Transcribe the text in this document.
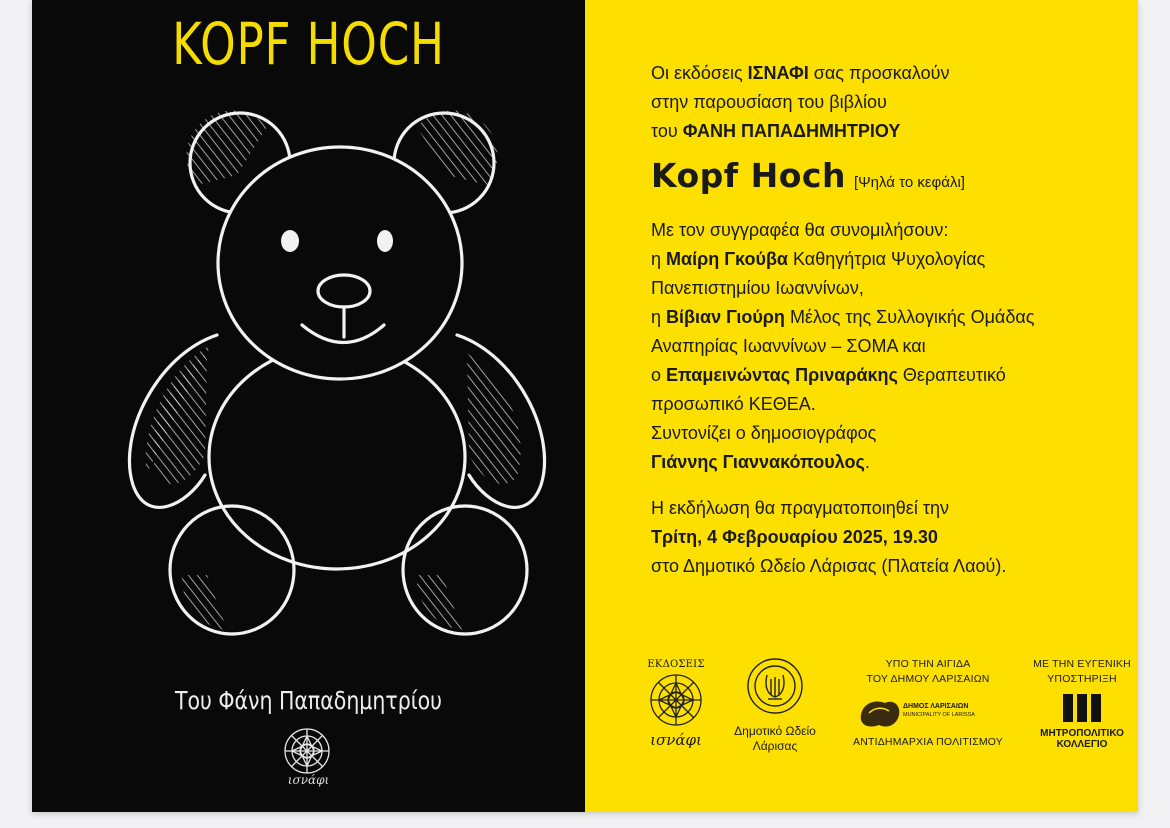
KOPF HOCH
Του Φάνη Παπαδημητρίου
ισνάφι
Οι εκδόσεις ΙΣΝΑΦΙ σας προσκαλούν
στην παρουσίαση του βιβλίου
του ΦΑΝΗ ΠΑΠΑΔΗΜΗΤΡΙΟΥ
Kopf Hoch [Ψηλά το κεφάλι]
Με τον συγγραφέα θα συνομιλήσουν:
η Μαίρη Γκούβα Καθηγήτρια Ψυχολογίας
Πανεπιστημίου Ιωαννίνων,
η Βίβιαν Γιούρη Μέλος της Συλλογικής Ομάδας
Αναπηρίας Ιωαννίνων – ΣΟΜΑ και
ο Επαμεινώντας Πριναράκης Θεραπευτικό
προσωπικό ΚΕΘΕΑ.
Συντονίζει ο δημοσιογράφος
Γιάννης Γιαννακόπουλος.
Η εκδήλωση θα πραγματοποιηθεί την
Τρίτη, 4 Φεβρουαρίου 2025, 19.30
στο Δημοτικό Ωδείο Λάρισας (Πλατεία Λαού).
ΕΚΔΟΣΕΙΣ
ισνάφι	Δημοτικό Ωδείο
Λάρισας
ΥΠΟ ΤΗΝ ΑΙΓΙΔΑ
ΤΟΥ ΔΗΜΟΥ ΛΑΡΙΣΑΙΩΝ
ΔΗΜΟΣ ΛΑΡΙΣΑΙΩΝ
MUNICIPALITY OF LARISSA
ΑΝΤΙΔΗΜΑΡΧΙΑ ΠΟΛΙΤΙΣΜΟΥ
ΜΕ ΤΗΝ ΕΥΓΕΝΙΚΗ
ΥΠΟΣΤΗΡΙΞΗ
ΜΗΤΡΟΠΟΛΙΤΙΚΟ
ΚΟΛΛΕΓΙΟ
